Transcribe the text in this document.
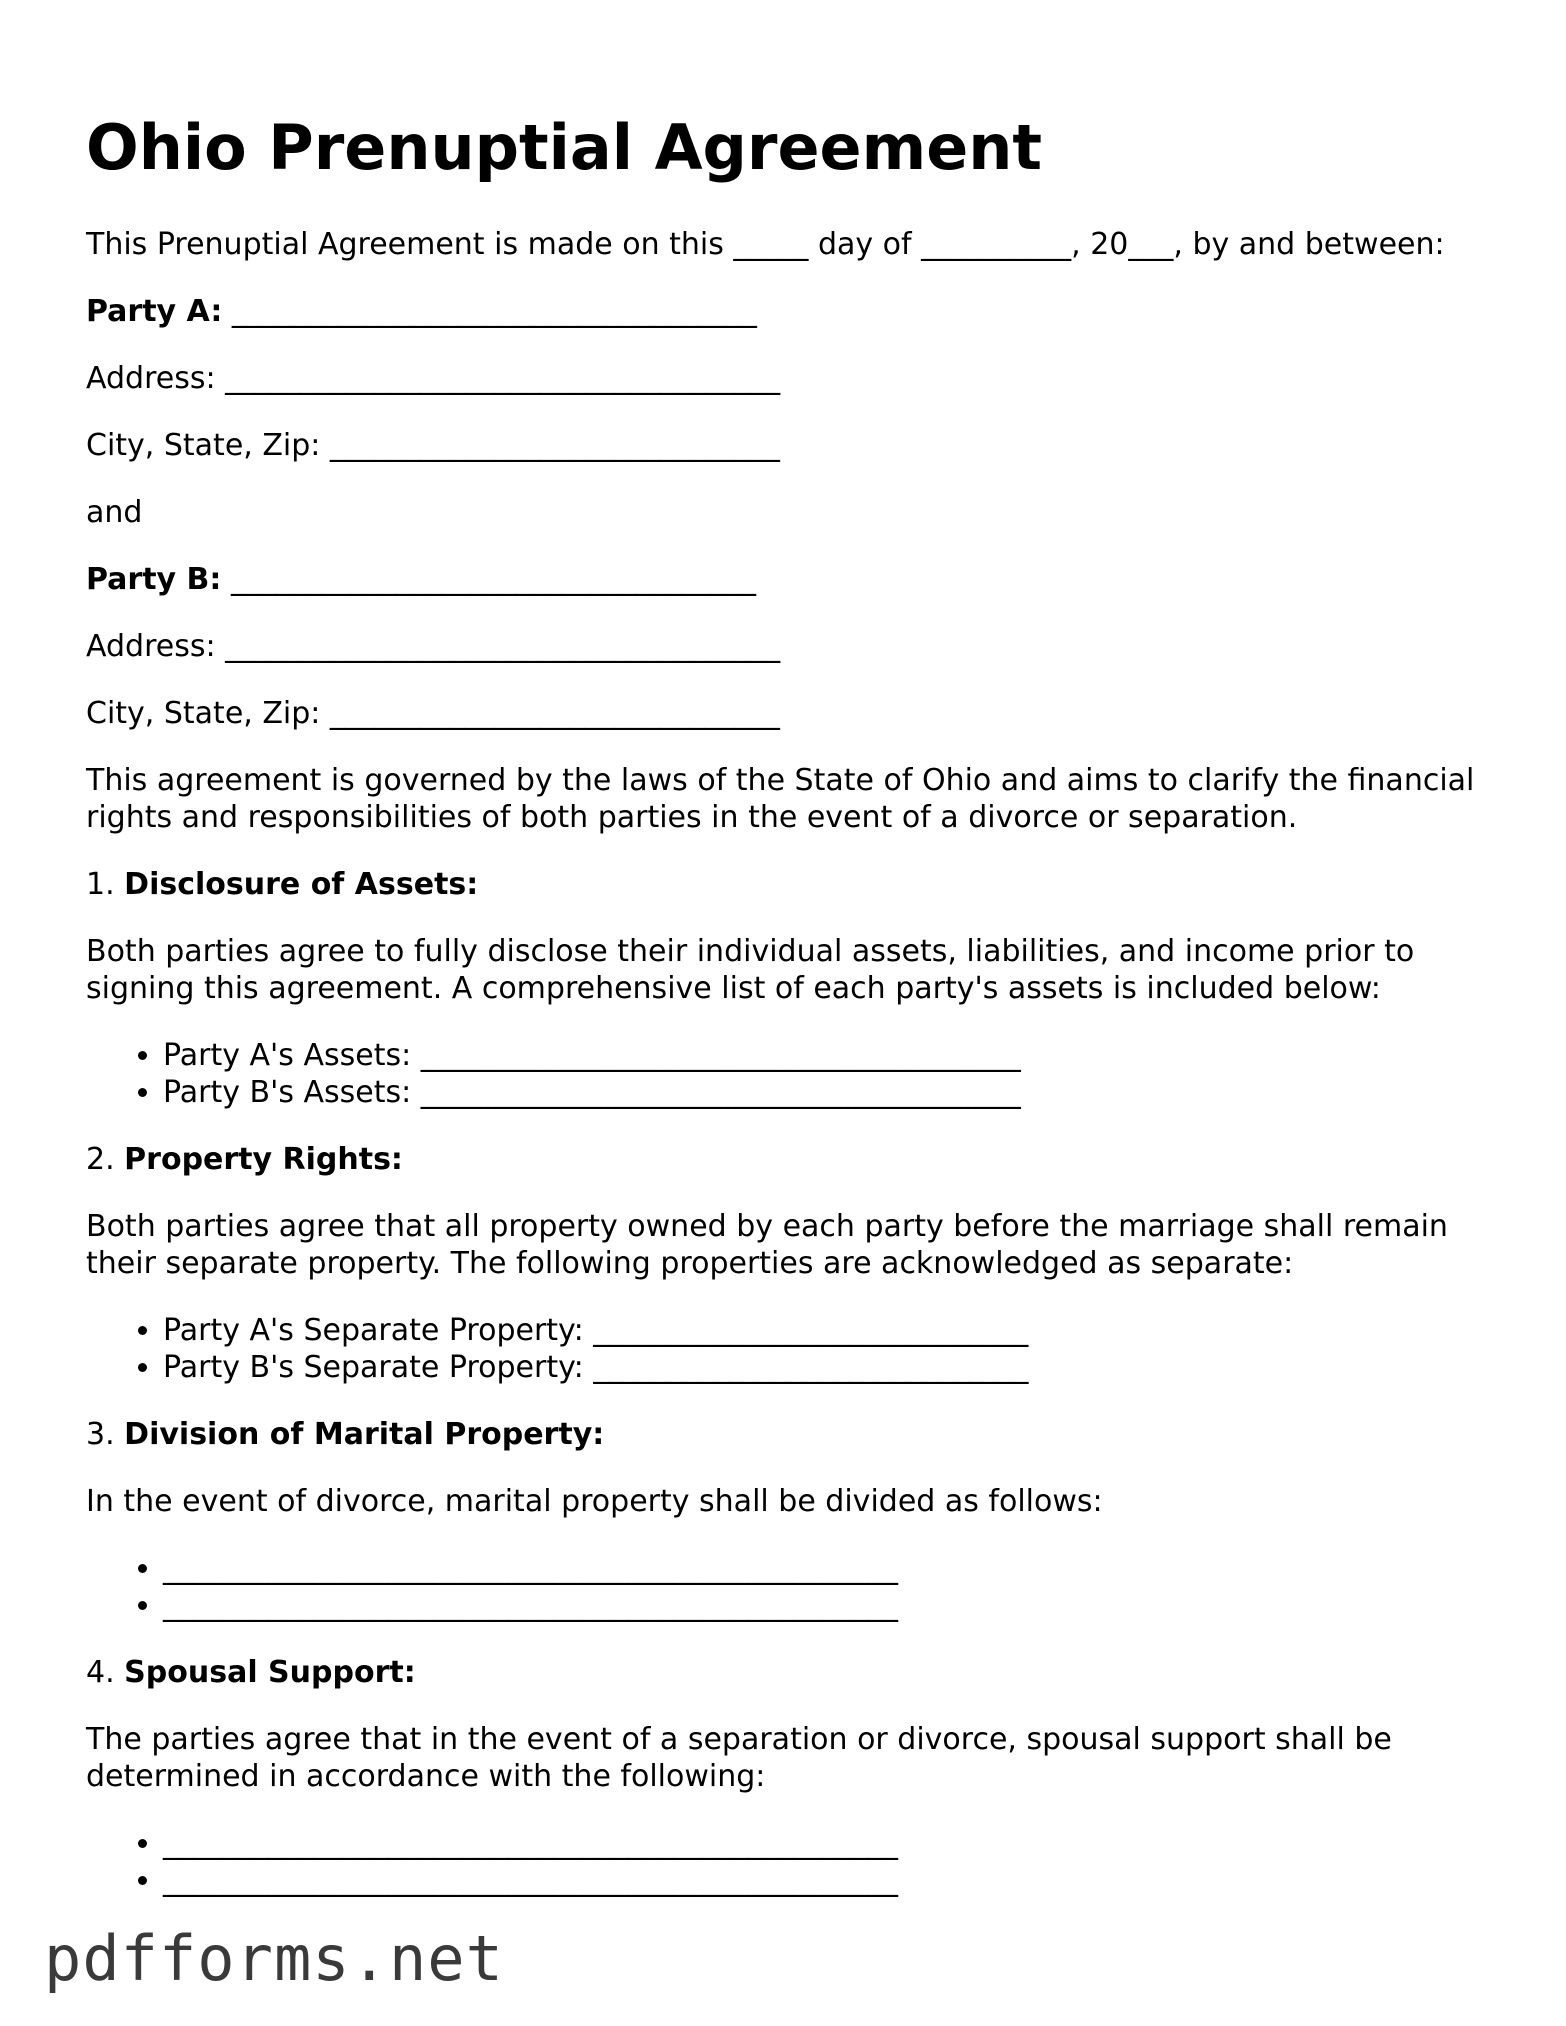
Ohio Prenuptial Agreement

This Prenuptial Agreement is made on this _____ day of __________, 20___, by and between:

Party A: ___________________________________

Address: _____________________________________

City, State, Zip: ______________________________

and

Party B: ___________________________________

Address: _____________________________________

City, State, Zip: ______________________________

This agreement is governed by the laws of the State of Ohio and aims to clarify the financial rights and responsibilities of both parties in the event of a divorce or separation.

1. Disclosure of Assets:

Both parties agree to fully disclose their individual assets, liabilities, and income prior to signing this agreement. A comprehensive list of each party's assets is included below:

• Party A's Assets: ________________________________________
• Party B's Assets: ________________________________________

2. Property Rights:

Both parties agree that all property owned by each party before the marriage shall remain their separate property. The following properties are acknowledged as separate:

• Party A's Separate Property: _____________________________
• Party B's Separate Property: _____________________________

3. Division of Marital Property:

In the event of divorce, marital property shall be divided as follows:

• _________________________________________________
• _________________________________________________

4. Spousal Support:

The parties agree that in the event of a separation or divorce, spousal support shall be determined in accordance with the following:

• _________________________________________________
• _________________________________________________
pdfforms.net
